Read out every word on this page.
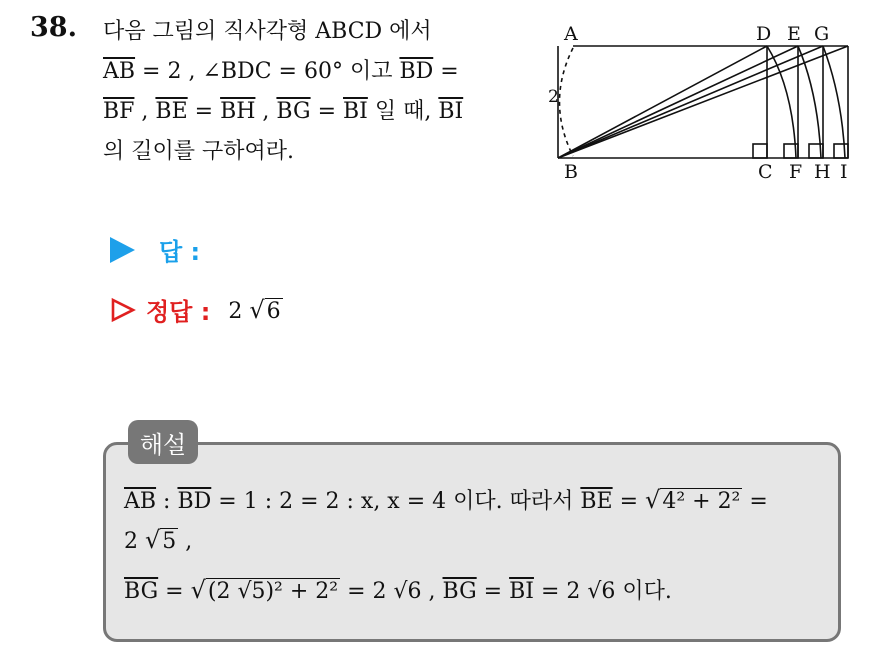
38. 다음 그림의 직사각형 ABCD 에서
$\overline{AB} = 2$ , ∠BDC = 60° 이고 $\overline{BD}$ =
$\overline{BF}$ , $\overline{BE} = \overline{BH}$ , $\overline{BG} = \overline{BI}$ 일 때, $\overline{BI}$
의 길이를 구하여라.
A	D E G
B	C F H I
2
답 :
정답 : 2 √6
해설
$\overline{AB}$ : $\overline{BD} = 1$ : 2 = 2 : x, x = 4 이다. 따라서 $\overline{BE} = √4^2 + 2^2$ =
2 √5 ,
$\overline{BG} = √(2$ √5)² + 2² = 2 √6 , $\overline{BG} = \overline{BI} = 2$ √6 이다.
